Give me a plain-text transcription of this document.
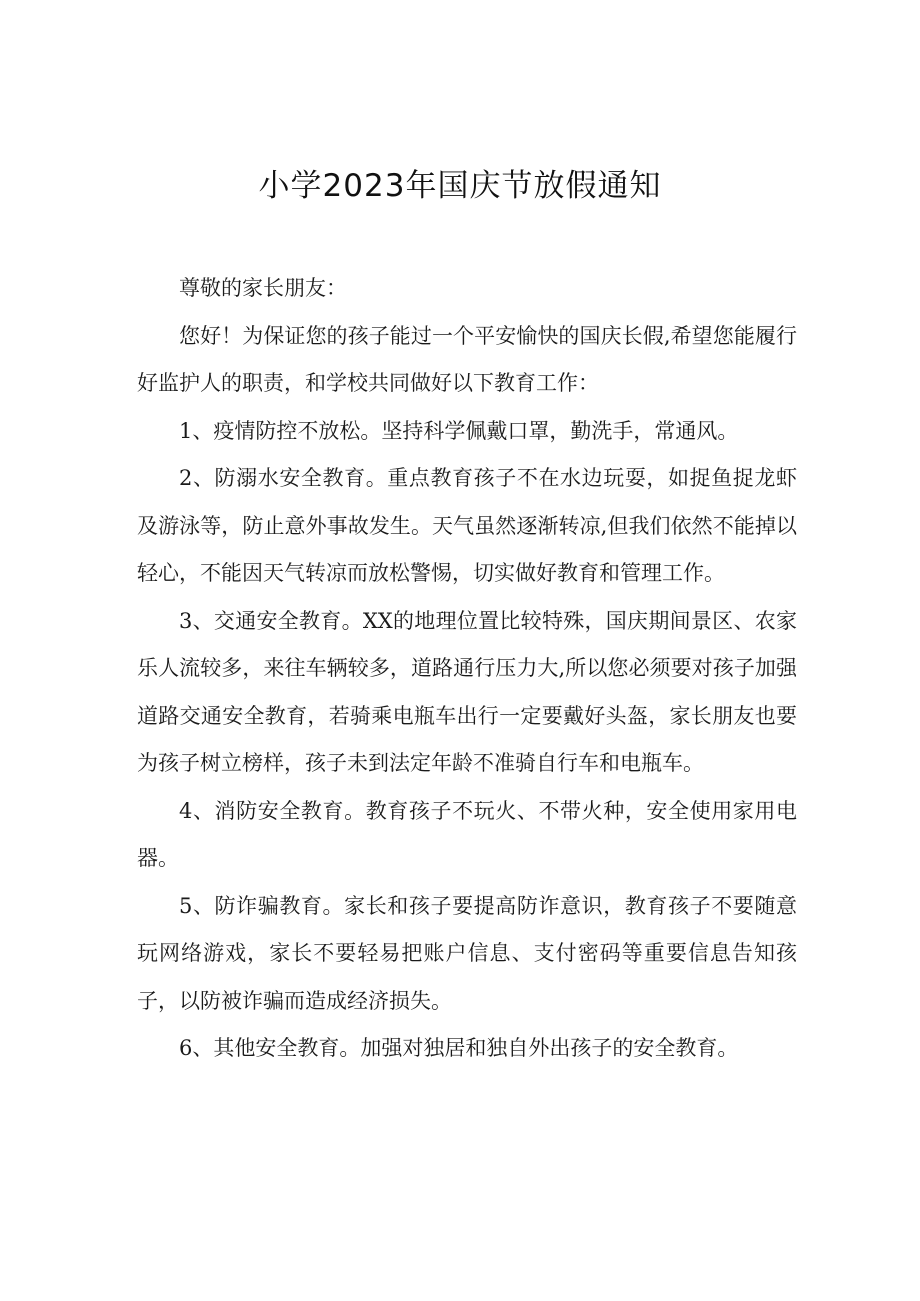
小学2023年国庆节放假通知

尊敬的家长朋友：

您好！为保证您的孩子能过一个平安愉快的国庆长假,希望您能履行好监护人的职责，和学校共同做好以下教育工作：

1、疫情防控不放松。坚持科学佩戴口罩，勤洗手，常通风。

2、防溺水安全教育。重点教育孩子不在水边玩耍，如捉鱼捉龙虾及游泳等，防止意外事故发生。天气虽然逐渐转凉,但我们依然不能掉以轻心，不能因天气转凉而放松警惕，切实做好教育和管理工作。

3、交通安全教育。XX的地理位置比较特殊，国庆期间景区、农家乐人流较多，来往车辆较多，道路通行压力大,所以您必须要对孩子加强道路交通安全教育，若骑乘电瓶车出行一定要戴好头盔，家长朋友也要为孩子树立榜样，孩子未到法定年龄不准骑自行车和电瓶车。

4、消防安全教育。教育孩子不玩火、不带火种，安全使用家用电器。

5、防诈骗教育。家长和孩子要提高防诈意识，教育孩子不要随意玩网络游戏，家长不要轻易把账户信息、支付密码等重要信息告知孩子，以防被诈骗而造成经济损失。

6、其他安全教育。加强对独居和独自外出孩子的安全教育。
